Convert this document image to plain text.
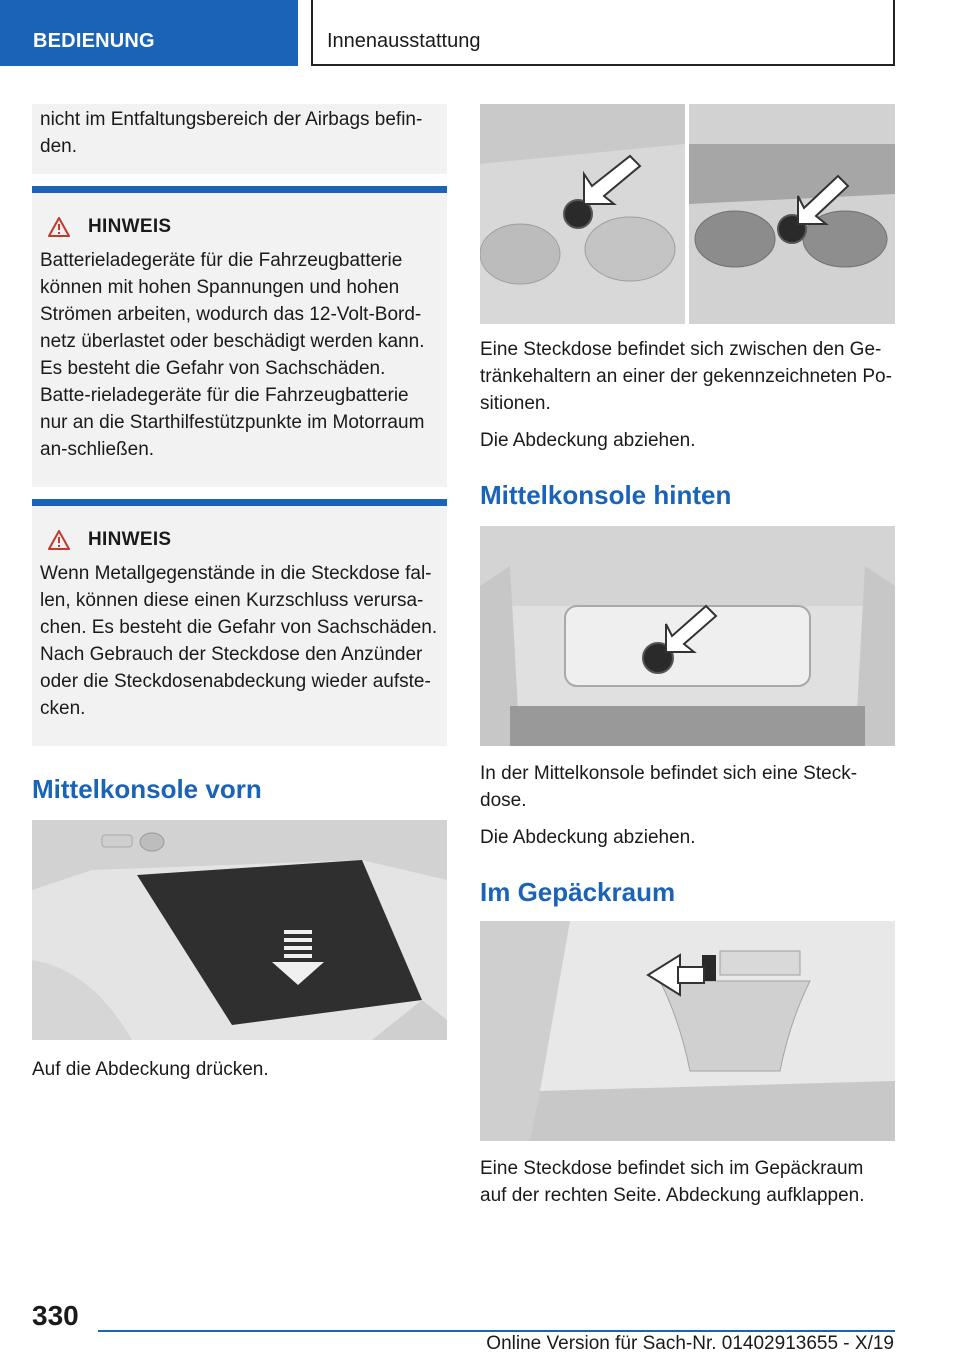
BEDIENUNG	Innenausstattung

nicht im Entfaltungsbereich der Airbags befin-den.

HINWEIS

Batterieladegeräte für die Fahrzeugbatterie können mit hohen Spannungen und hohen Strömen arbeiten, wodurch das 12-Volt-Bord-netz überlastet oder beschädigt werden kann. Es besteht die Gefahr von Sachschäden. Batte-rieladegeräte für die Fahrzeugbatterie nur an die Starthilfestützpunkte im Motorraum an-schließen.

HINWEIS

Wenn Metallgegenstände in die Steckdose fal-len, können diese einen Kurzschluss verursa-chen. Es besteht die Gefahr von Sachschäden. Nach Gebrauch der Steckdose den Anzünder oder die Steckdosenabdeckung wieder aufste-cken.

Mittelkonsole vorn

Auf die Abdeckung drücken.

Eine Steckdose befindet sich zwischen den Ge-tränkehaltern an einer der gekennzeichneten Po-sitionen.

Die Abdeckung abziehen.

Mittelkonsole hinten

In der Mittelkonsole befindet sich eine Steck-dose.

Die Abdeckung abziehen.

Im Gepäckraum

Eine Steckdose befindet sich im Gepäckraum auf der rechten Seite. Abdeckung aufklappen.

330
Online Version für Sach-Nr. 01402913655 - X/19
